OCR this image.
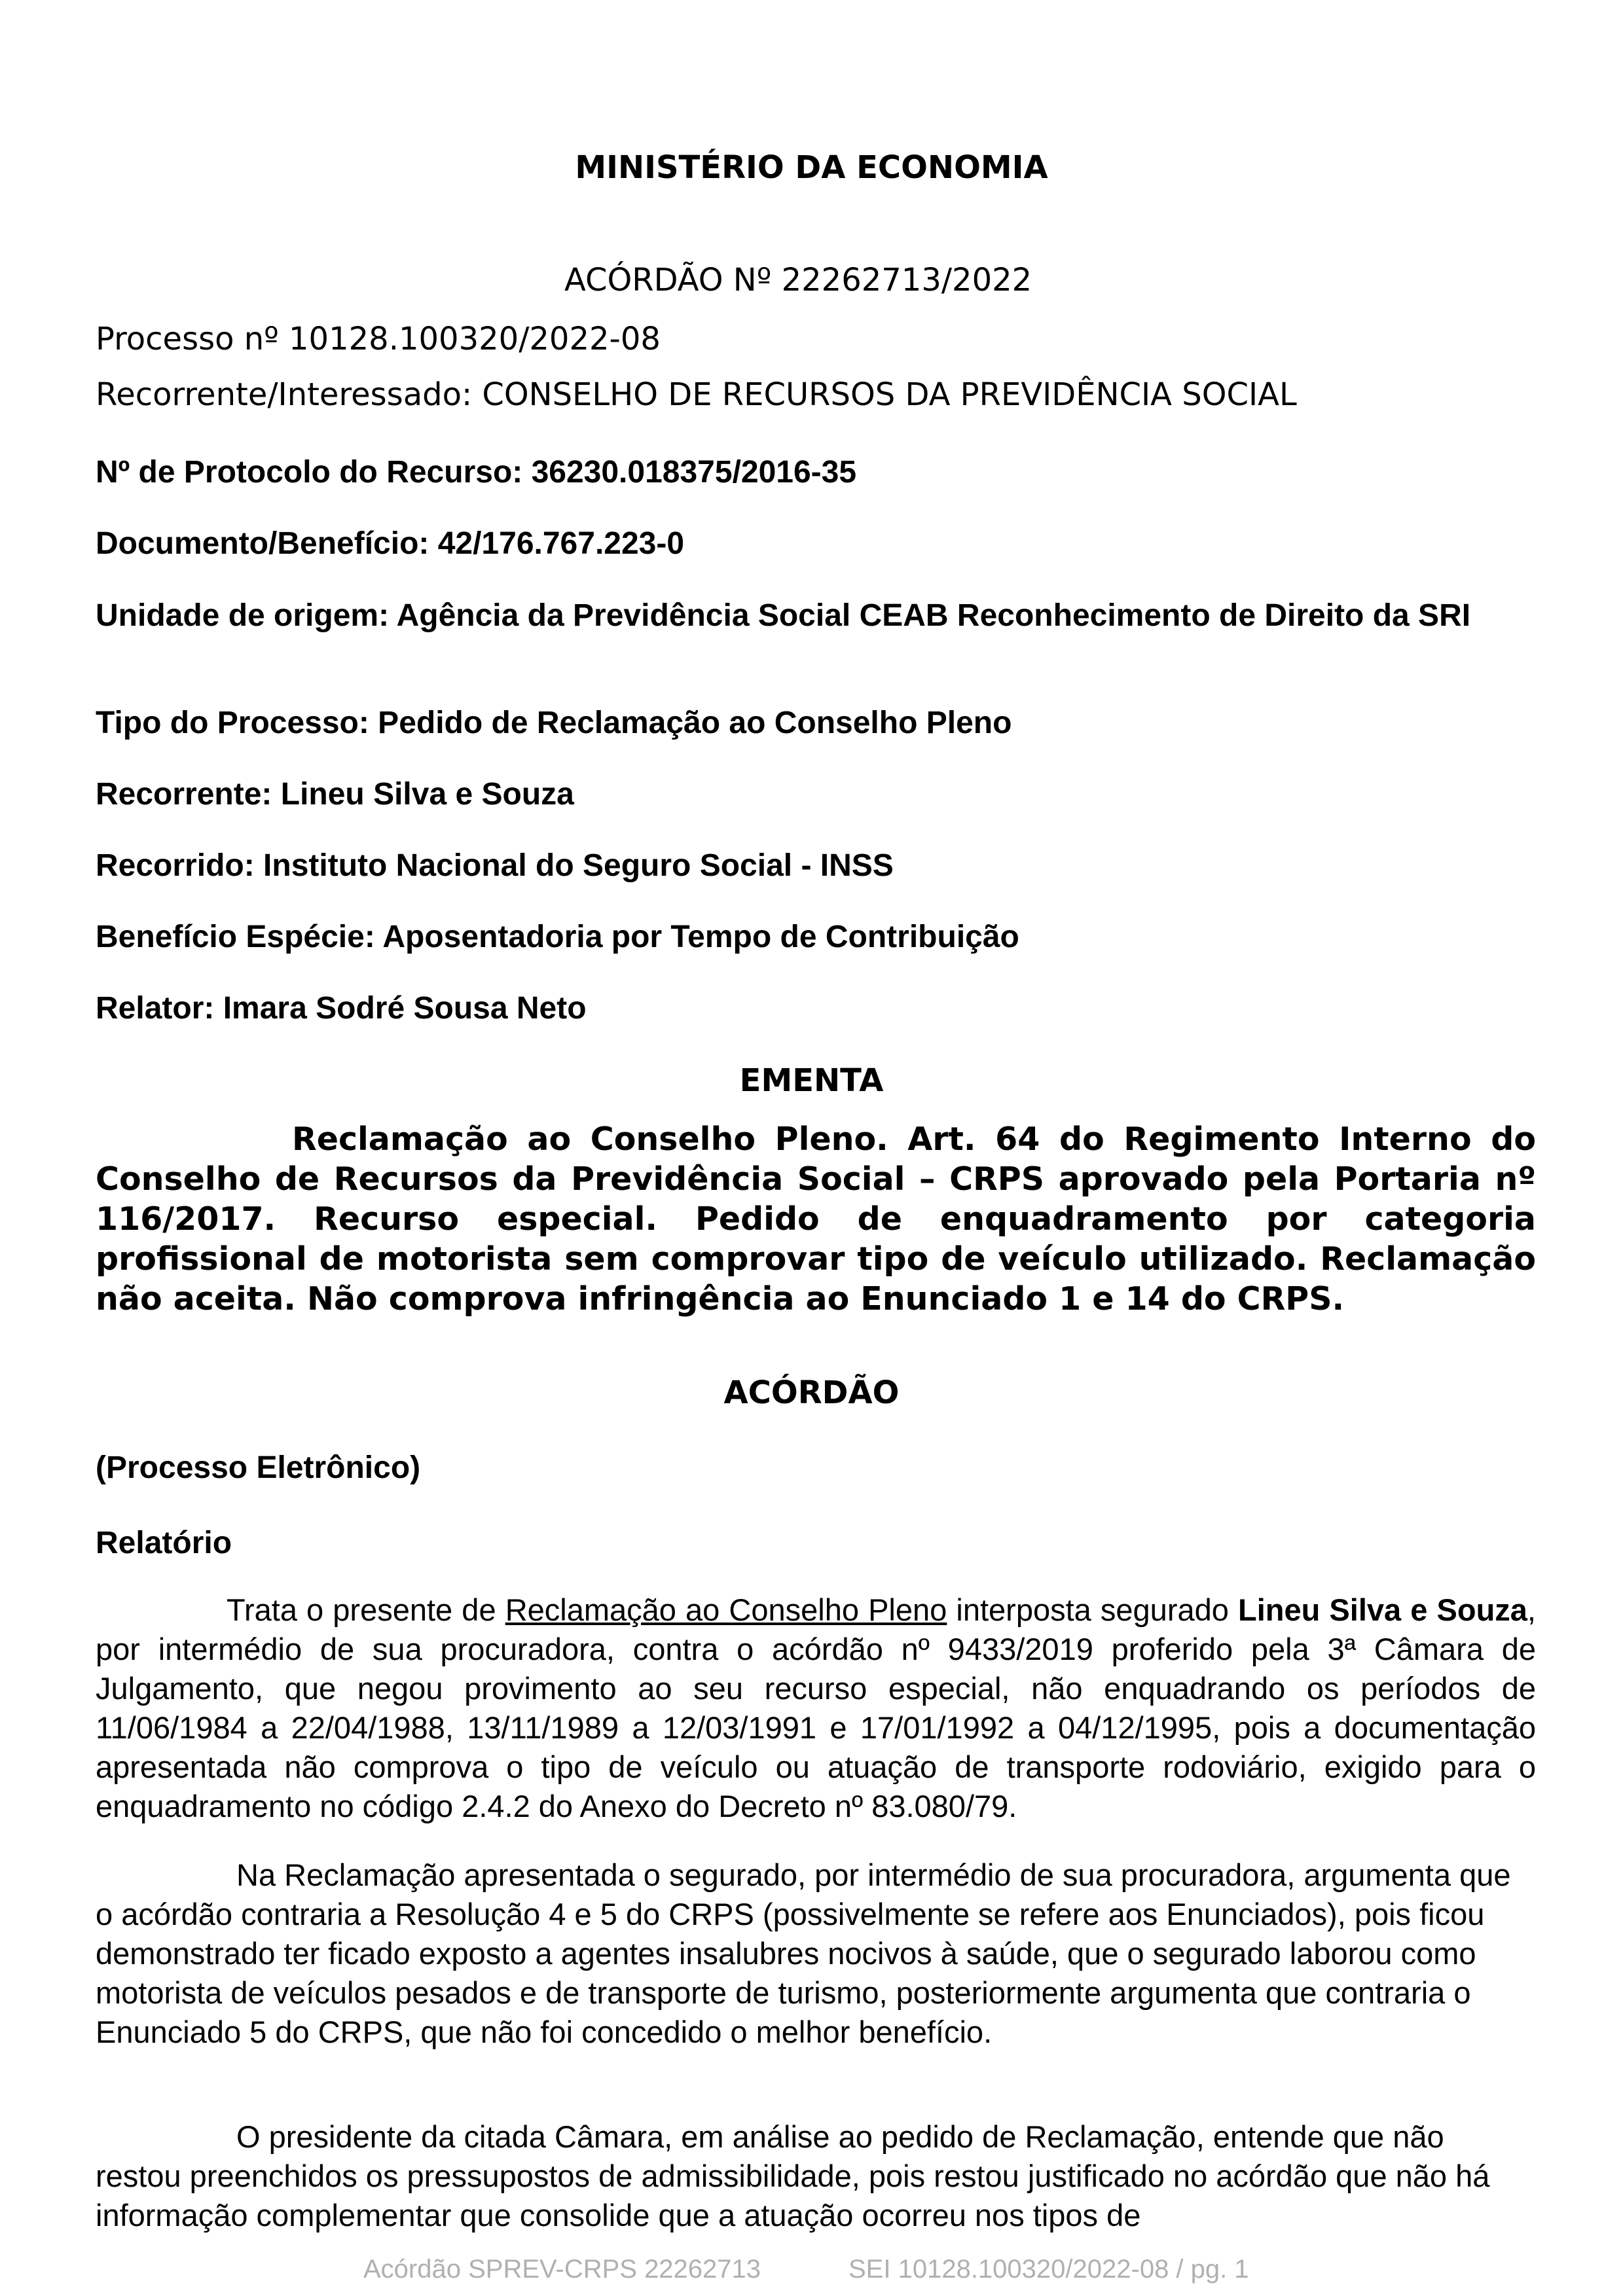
MINISTÉRIO DA ECONOMIA
ACÓRDÃO Nº 22262713/2022
Processo nº 10128.100320/2022-08
Recorrente/Interessado: CONSELHO DE RECURSOS DA PREVIDÊNCIA SOCIAL
Nº de Protocolo do Recurso: 36230.018375/2016-35
Documento/Benefício: 42/176.767.223-0
Unidade de origem: Agência da Previdência Social CEAB Reconhecimento de Direito da SRI
Tipo do Processo: Pedido de Reclamação ao Conselho Pleno
Recorrente: Lineu Silva e Souza
Recorrido: Instituto Nacional do Seguro Social - INSS
Benefício Espécie: Aposentadoria por Tempo de Contribuição
Relator: Imara Sodré Sousa Neto
EMENTA
Reclamação ao Conselho Pleno. Art. 64 do Regimento Interno do Conselho de Recursos da Previdência Social – CRPS aprovado pela Portaria nº 116/2017. Recurso especial. Pedido de enquadramento por categoria profissional de motorista sem comprovar tipo de veículo utilizado. Reclamação não aceita. Não comprova infringência ao Enunciado 1 e 14 do CRPS.
ACÓRDÃO
(Processo Eletrônico)
Relatório
Trata o presente de Reclamação ao Conselho Pleno interposta segurado Lineu Silva e Souza, por intermédio de sua procuradora, contra o acórdão nº 9433/2019 proferido pela 3ª Câmara de Julgamento, que negou provimento ao seu recurso especial, não enquadrando os períodos de 11/06/1984 a 22/04/1988, 13/11/1989 a 12/03/1991 e 17/01/1992 a 04/12/1995, pois a documentação apresentada não comprova o tipo de veículo ou atuação de transporte rodoviário, exigido para o enquadramento no código 2.4.2 do Anexo do Decreto nº 83.080/79.
Na Reclamação apresentada o segurado, por intermédio de sua procuradora, argumenta que o acórdão contraria a Resolução 4 e 5 do CRPS (possivelmente se refere aos Enunciados), pois ficou demonstrado ter ficado exposto a agentes insalubres nocivos à saúde, que o segurado laborou como motorista de veículos pesados e de transporte de turismo, posteriormente argumenta que contraria o Enunciado 5 do CRPS, que não foi concedido o melhor benefício.
O presidente da citada Câmara, em análise ao pedido de Reclamação, entende que não restou preenchidos os pressupostos de admissibilidade, pois restou justificado no acórdão que não há informação complementar que consolide que a atuação ocorreu nos tipos de
Acórdão SPREV-CRPS 22262713	SEI 10128.100320/2022-08 / pg. 1
